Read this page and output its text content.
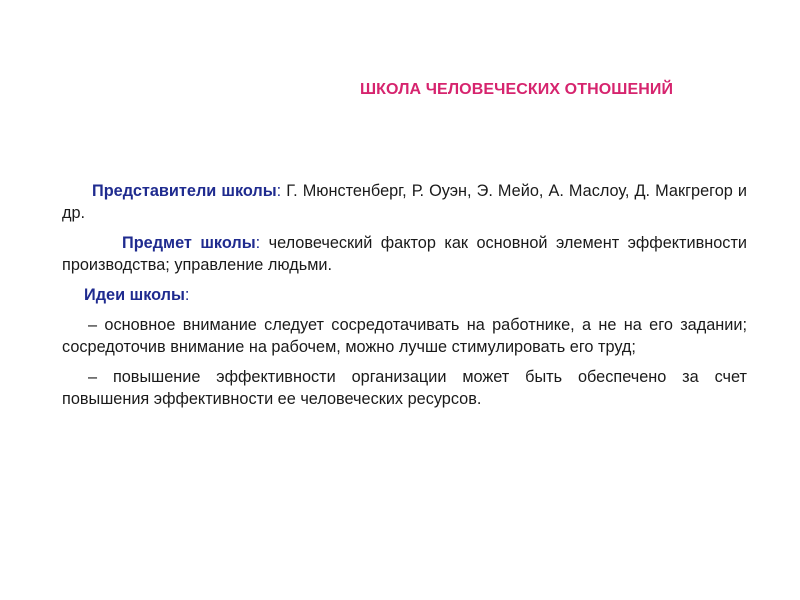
ШКОЛА ЧЕЛОВЕЧЕСКИХ ОТНОШЕНИЙ

Представители школы: Г. Мюнстенберг, Р. Оуэн, Э. Мейо, А. Маслоу, Д. Макгрегор и др.

Предмет школы: человеческий фактор как основной элемент эффективности производства; управление людьми.

Идеи школы:

– основное внимание следует сосредотачивать на работнике, а не на его задании; сосредоточив внимание на рабочем, можно лучше стимулировать его труд;

– повышение эффективности организации может быть обеспечено за счет повышения эффективности ее человеческих ресурсов.
